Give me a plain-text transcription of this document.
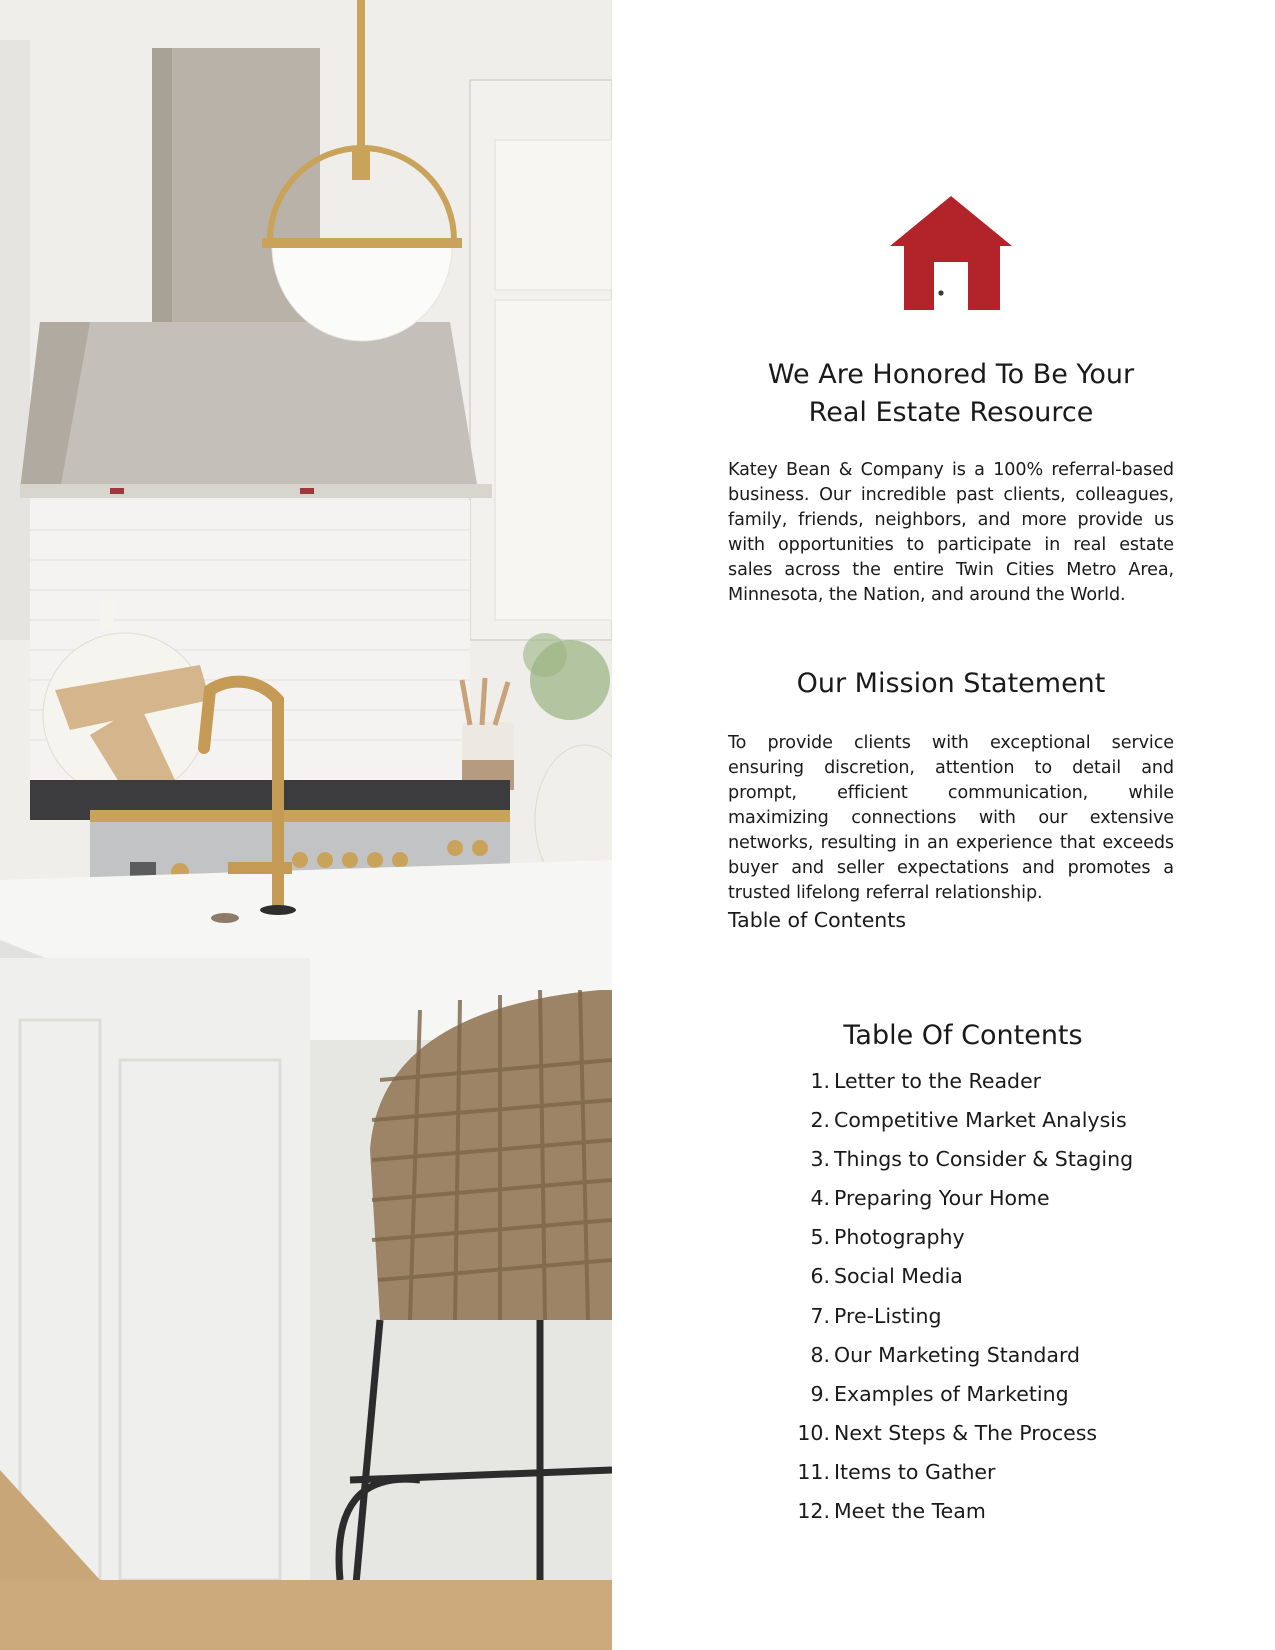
We Are Honored To Be Your
Real Estate Resource

Katey Bean & Company is a 100% referral-based business. Our incredible past clients, colleagues, family, friends, neighbors, and more provide us with opportunities to participate in real estate sales across the entire Twin Cities Metro Area, Minnesota, the Nation, and around the World.

Our Mission Statement

To provide clients with exceptional service ensuring discretion, attention to detail and prompt, efficient communication, while maximizing connections with our extensive networks, resulting in an experience that exceeds buyer and seller expectations and promotes a trusted lifelong referral relationship.

Table of Contents

Table Of Contents
1. Letter to the Reader
2. Competitive Market Analysis
3. Things to Consider & Staging
4. Preparing Your Home
5. Photography
6. Social Media
7. Pre-Listing
8. Our Marketing Standard
9. Examples of Marketing
10. Next Steps & The Process
11. Items to Gather
12. Meet the Team
